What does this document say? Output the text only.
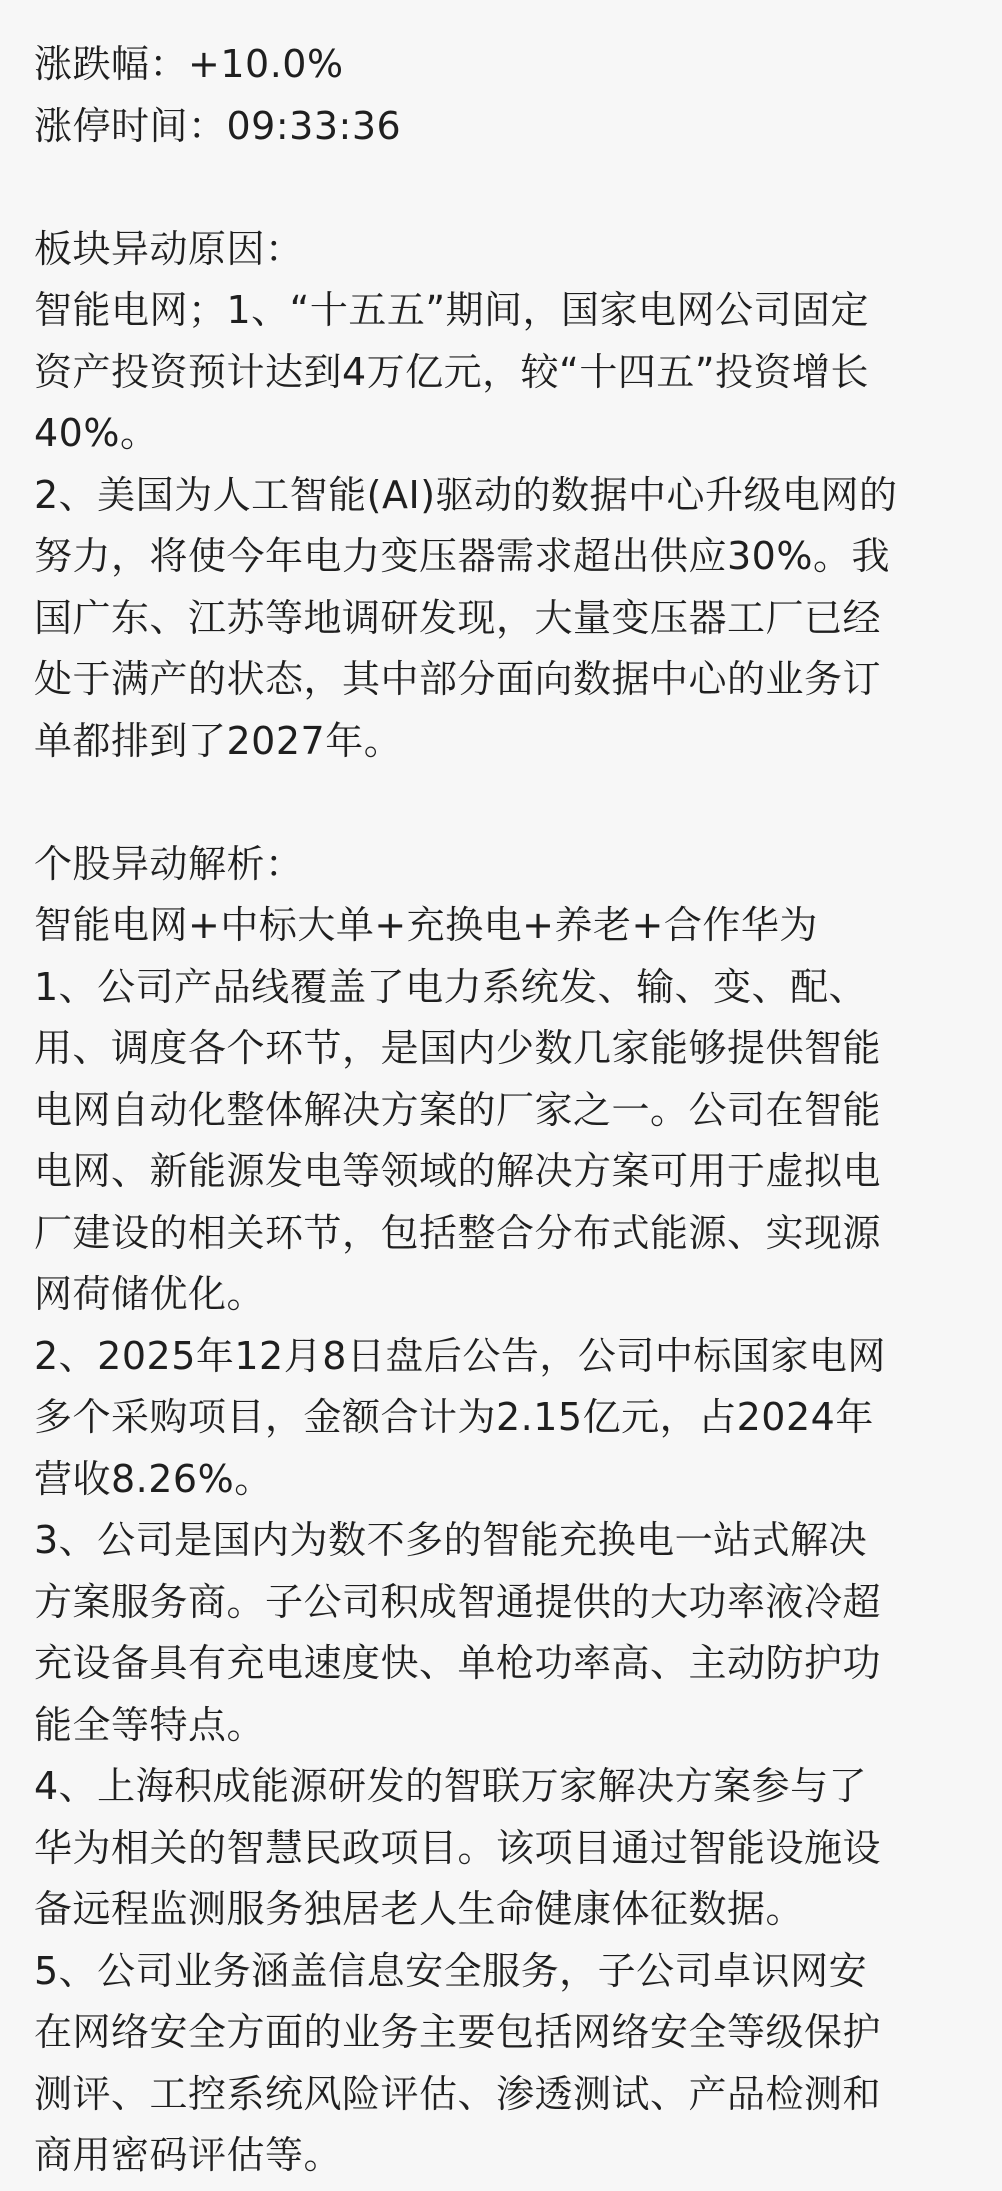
涨跌幅：+10.0%
涨停时间：09:33:36
板块异动原因：
智能电网；1、“十五五”期间，国家电网公司固定
资产投资预计达到4万亿元，较“十四五”投资增长
40%。
2、美国为人工智能(AI)驱动的数据中心升级电网的
努力，将使今年电力变压器需求超出供应30%。我
国广东、江苏等地调研发现，大量变压器工厂已经
处于满产的状态，其中部分面向数据中心的业务订
单都排到了2027年。
个股异动解析：
智能电网+中标大单+充换电+养老+合作华为
1、公司产品线覆盖了电力系统发、输、变、配、
用、调度各个环节，是国内少数几家能够提供智能
电网自动化整体解决方案的厂家之一。公司在智能
电网、新能源发电等领域的解决方案可用于虚拟电
厂建设的相关环节，包括整合分布式能源、实现源
网荷储优化。
2、2025年12月8日盘后公告，公司中标国家电网
多个采购项目，金额合计为2.15亿元，占2024年
营收8.26%。
3、公司是国内为数不多的智能充换电一站式解决
方案服务商。子公司积成智通提供的大功率液冷超
充设备具有充电速度快、单枪功率高、主动防护功
能全等特点。
4、上海积成能源研发的智联万家解决方案参与了
华为相关的智慧民政项目。该项目通过智能设施设
备远程监测服务独居老人生命健康体征数据。
5、公司业务涵盖信息安全服务，子公司卓识网安
在网络安全方面的业务主要包括网络安全等级保护
测评、工控系统风险评估、渗透测试、产品检测和
商用密码评估等。
